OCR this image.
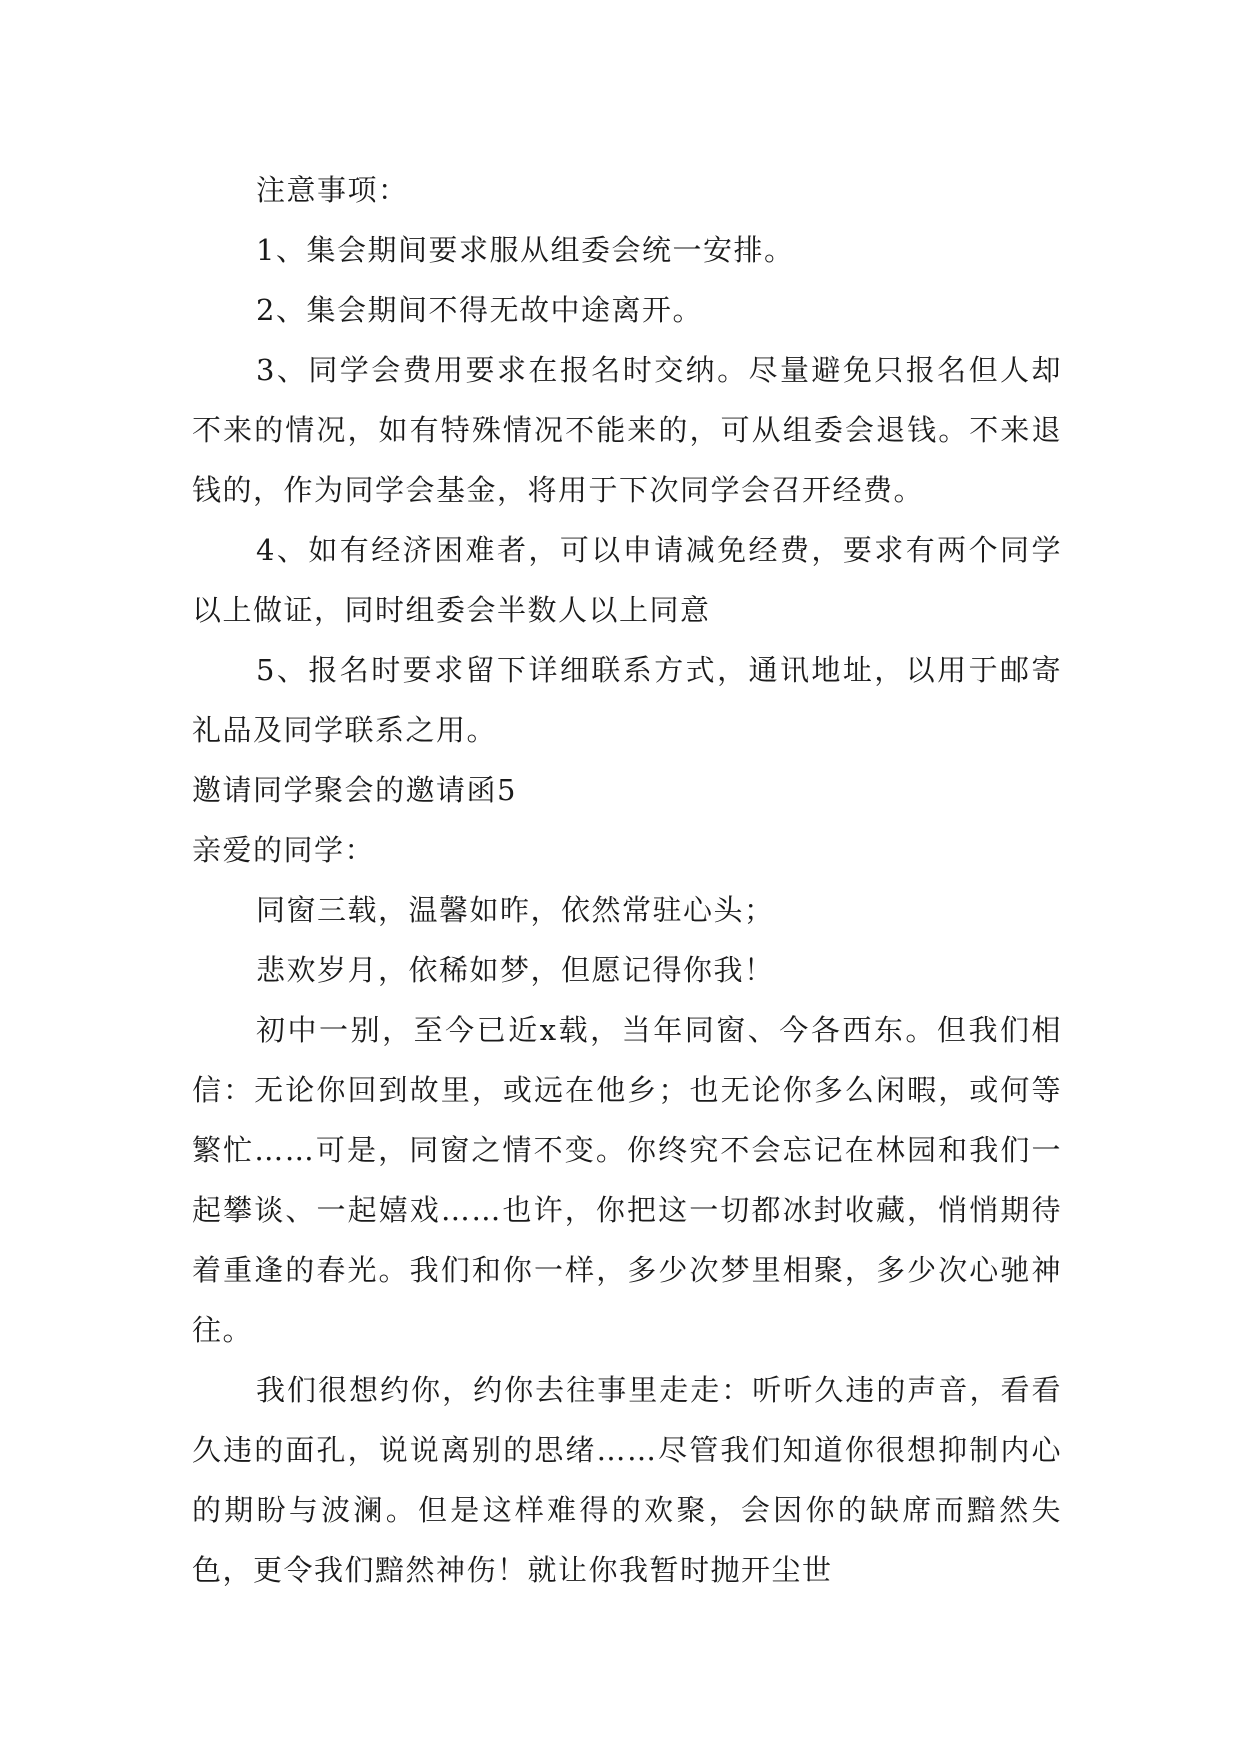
注意事项：

1、集会期间要求服从组委会统一安排。

2、集会期间不得无故中途离开。

3、同学会费用要求在报名时交纳。尽量避免只报名但人却不来的情况，如有特殊情况不能来的，可从组委会退钱。不来退钱的，作为同学会基金，将用于下次同学会召开经费。

4、如有经济困难者，可以申请减免经费，要求有两个同学以上做证，同时组委会半数人以上同意

5、报名时要求留下详细联系方式，通讯地址，以用于邮寄礼品及同学联系之用。

邀请同学聚会的邀请函5

亲爱的同学：

同窗三载，温馨如昨，依然常驻心头；

悲欢岁月，依稀如梦，但愿记得你我！

初中一别，至今已近x载，当年同窗、今各西东。但我们相信：无论你回到故里，或远在他乡；也无论你多么闲暇，或何等繁忙……可是，同窗之情不变。你终究不会忘记在林园和我们一起攀谈、一起嬉戏……也许，你把这一切都冰封收藏，悄悄期待着重逢的春光。我们和你一样，多少次梦里相聚，多少次心驰神往。

我们很想约你，约你去往事里走走：听听久违的声音，看看久违的面孔，说说离别的思绪……尽管我们知道你很想抑制内心的期盼与波澜。但是这样难得的欢聚，会因你的缺席而黯然失色，更令我们黯然神伤！就让你我暂时抛开尘世
